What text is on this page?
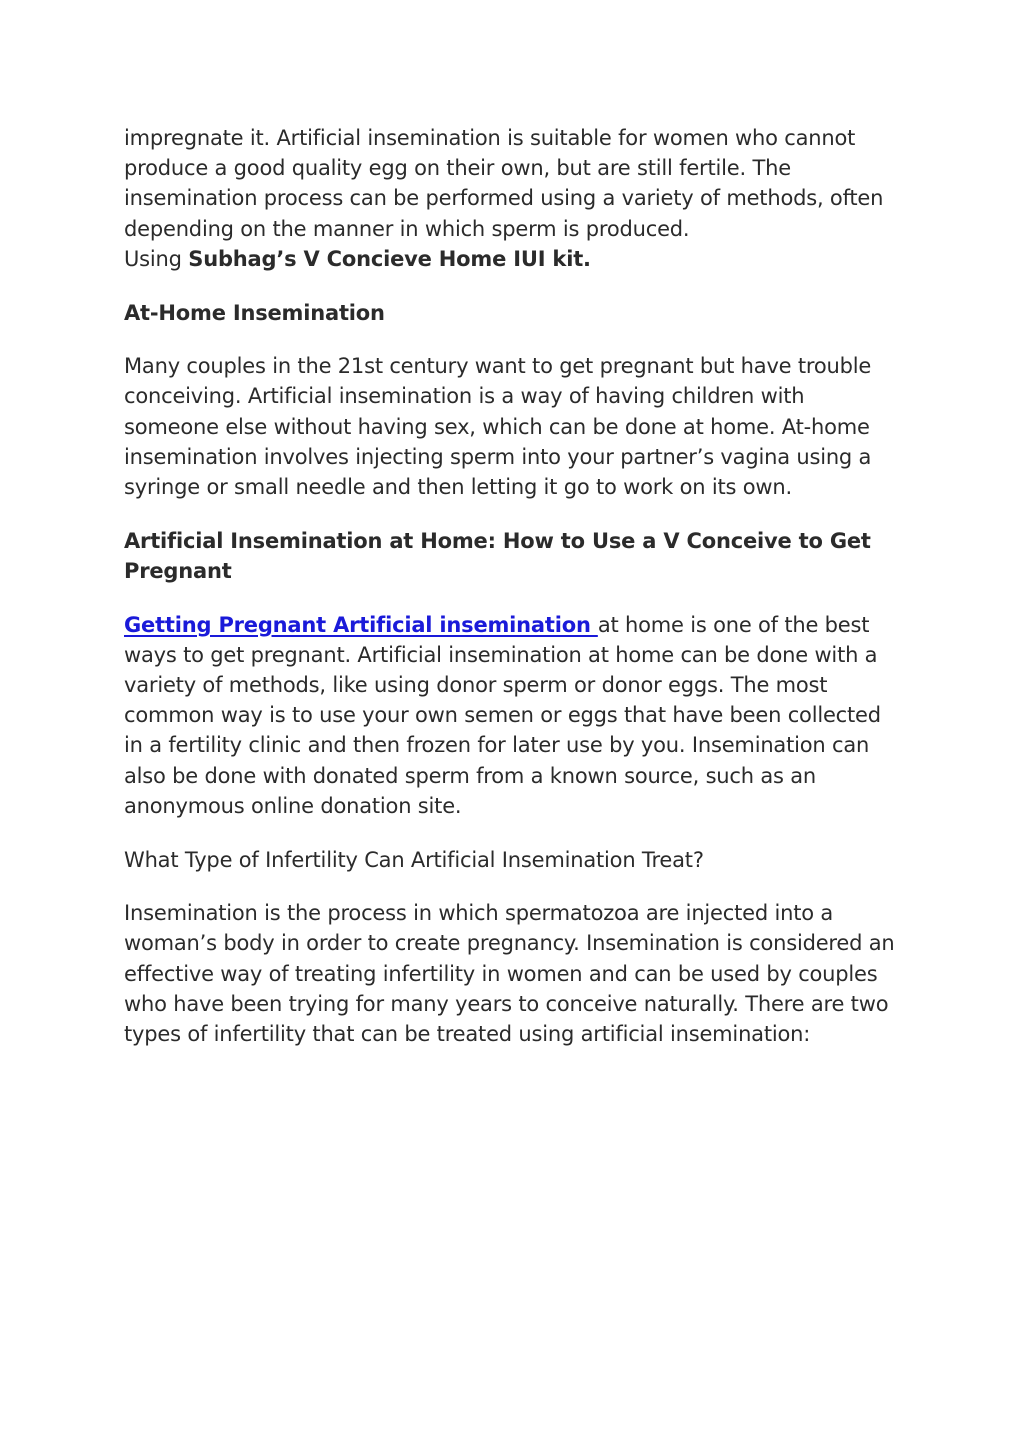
impregnate it. Artificial insemination is suitable for women who cannot produce a good quality egg on their own, but are still fertile. The insemination process can be performed using a variety of methods, often depending on the manner in which sperm is produced.
Using Subhag’s V Concieve Home IUI kit.

At-Home Insemination

Many couples in the 21st century want to get pregnant but have trouble conceiving. Artificial insemination is a way of having children with someone else without having sex, which can be done at home. At-home insemination involves injecting sperm into your partner’s vagina using a syringe or small needle and then letting it go to work on its own.

Artificial Insemination at Home: How to Use a V Conceive to Get Pregnant

Getting Pregnant Artificial insemination at home is one of the best ways to get pregnant. Artificial insemination at home can be done with a variety of methods, like using donor sperm or donor eggs. The most common way is to use your own semen or eggs that have been collected in a fertility clinic and then frozen for later use by you. Insemination can also be done with donated sperm from a known source, such as an anonymous online donation site.

What Type of Infertility Can Artificial Insemination Treat?

Insemination is the process in which spermatozoa are injected into a woman’s body in order to create pregnancy. Insemination is considered an effective way of treating infertility in women and can be used by couples who have been trying for many years to conceive naturally. There are two types of infertility that can be treated using artificial insemination:
